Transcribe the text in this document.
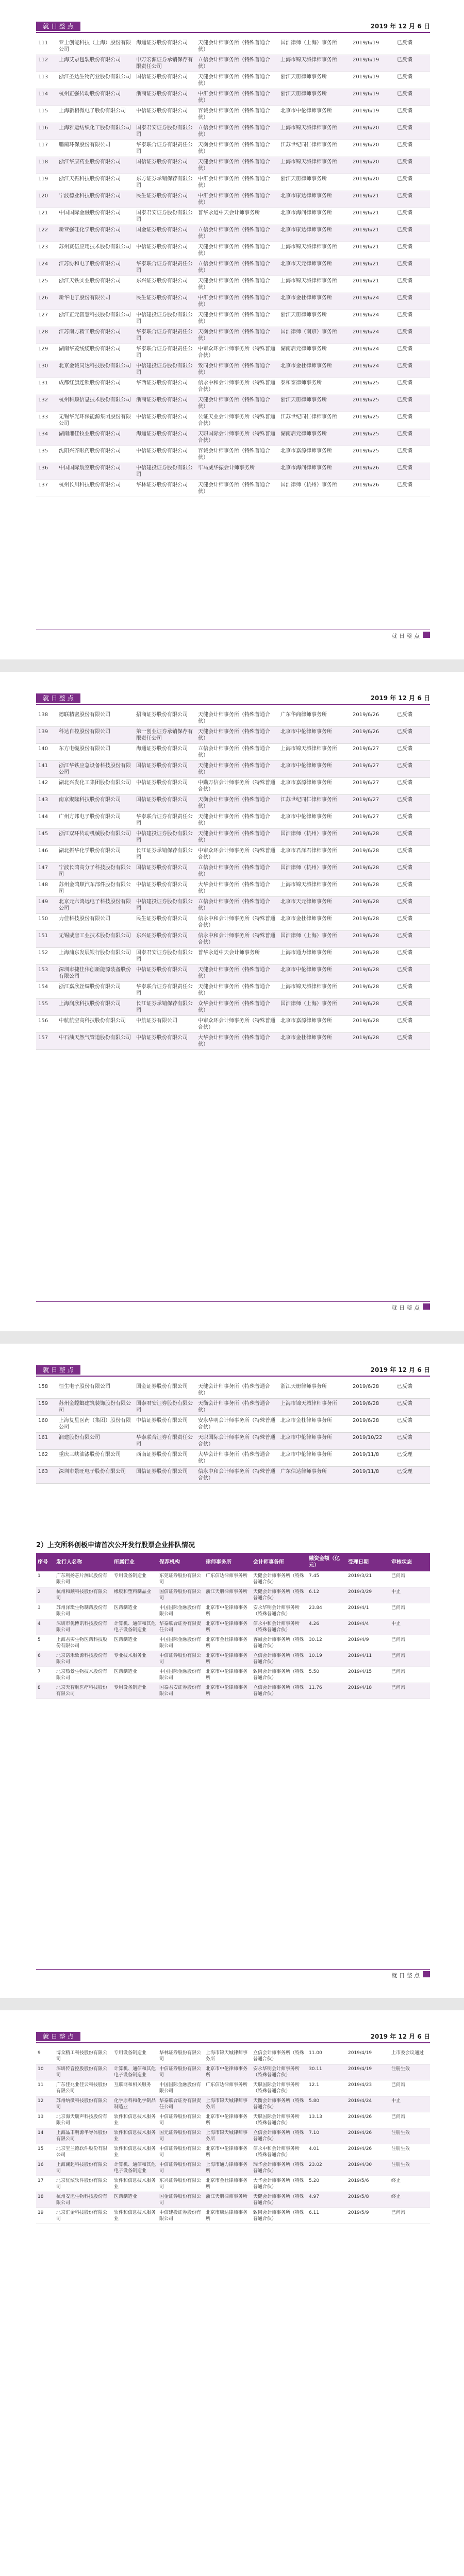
就 日 整 点	2019 年 12 月 6 日
111	亚士创能科技（上海）股份有限公司	海通证券股份有限公司	天健会计师事务所（特殊普通合伙）	国浩律师（上海）事务所	2019/6/19	已反馈
112	上海艾录包装股份有限公司	申万宏源证券承销保荐有限责任公司	立信会计师事务所（特殊普通合伙）	上海市锦天城律师事务所	2019/6/19	已反馈
113	浙江圣达生物药业股份有限公司	国信证券股份有限公司	天健会计师事务所（特殊普通合伙）	浙江天册律师事务所	2019/6/19	已反馈
114	杭州正强传动股份有限公司	浙商证券股份有限公司	中汇会计师事务所（特殊普通合伙）	浙江天册律师事务所	2019/6/19	已反馈
115	上海新相微电子股份有限公司	中信证券股份有限公司	容诚会计师事务所（特殊普通合伙）	北京市中伦律师事务所	2019/6/19	已反馈
116	上海雅运纺织化工股份有限公司	国泰君安证券股份有限公司	立信会计师事务所（特殊普通合伙）	上海市锦天城律师事务所	2019/6/20	已反馈
117	鹏鹞环保股份有限公司	华泰联合证券有限责任公司	天衡会计师事务所（特殊普通合伙）	江苏世纪同仁律师事务所	2019/6/20	已反馈
118	浙江华康药业股份有限公司	国信证券股份有限公司	天健会计师事务所（特殊普通合伙）	上海市锦天城律师事务所	2019/6/20	已反馈
119	浙江天振科技股份有限公司	东方证券承销保荐有限公司	中汇会计师事务所（特殊普通合伙）	浙江天册律师事务所	2019/6/20	已反馈
120	宁波德业科技股份有限公司	民生证券股份有限公司	中汇会计师事务所（特殊普通合伙）	北京市康达律师事务所	2019/6/21	已反馈
121	中国国际金融股份有限公司	国泰君安证券股份有限公司	普华永道中天会计师事务所	北京市海问律师事务所	2019/6/21	已反馈
122	新亚强硅化学股份有限公司	国金证券股份有限公司	立信会计师事务所（特殊普通合伙）	北京市康达律师事务所	2019/6/21	已反馈
123	苏州赛伍应用技术股份有限公司	中信证券股份有限公司	天健会计师事务所（特殊普通合伙）	上海市锦天城律师事务所	2019/6/21	已反馈
124	江苏协和电子股份有限公司	华泰联合证券有限责任公司	立信会计师事务所（特殊普通合伙）	北京市天元律师事务所	2019/6/21	已反馈
125	浙江天铁实业股份有限公司	东兴证券股份有限公司	天健会计师事务所（特殊普通合伙）	上海市锦天城律师事务所	2019/6/21	已反馈
126	新华电子股份有限公司	民生证券股份有限公司	中汇会计师事务所（特殊普通合伙）	北京市金杜律师事务所	2019/6/24	已反馈
127	浙江正元智慧科技股份有限公司	中信建投证券股份有限公司	天健会计师事务所（特殊普通合伙）	浙江天册律师事务所	2019/6/24	已反馈
128	江苏南方精工股份有限公司	华泰联合证券有限责任公司	天衡会计师事务所（特殊普通合伙）	国浩律师（南京）事务所	2019/6/24	已反馈
129	湖南华菱线缆股份有限公司	华泰联合证券有限责任公司	中审众环会计师事务所（特殊普通合伙）	湖南启元律师事务所	2019/6/24	已反馈
130	北京金诚同达科技股份有限公司	中信建投证券股份有限公司	致同会计师事务所（特殊普通合伙）	北京市金杜律师事务所	2019/6/24	已反馈
131	成都红旗连锁股份有限公司	华西证券股份有限公司	信永中和会计师事务所（特殊普通合伙）	泰和泰律师事务所	2019/6/25	已反馈
132	杭州科顺信息技术股份有限公司	浙商证券股份有限公司	天健会计师事务所（特殊普通合伙）	浙江天册律师事务所	2019/6/25	已反馈
133	无锡华光环保能源集团股份有限公司	中信证券股份有限公司	公证天业会计师事务所（特殊普通合伙）	江苏世纪同仁律师事务所	2019/6/25	已反馈
134	湖南湘佳牧业股份有限公司	海通证券股份有限公司	天职国际会计师事务所（特殊普通合伙）	湖南启元律师事务所	2019/6/25	已反馈
135	沈阳兴齐眼药股份有限公司	中信证券股份有限公司	容诚会计师事务所（特殊普通合伙）	北京市嘉源律师事务所	2019/6/25	已反馈
136	中国国际航空股份有限公司	中信建投证券股份有限公司	毕马威华振会计师事务所	北京市海问律师事务所	2019/6/26	已反馈
137	杭州长川科技股份有限公司	华林证券股份有限公司	天健会计师事务所（特殊普通合伙）	国浩律师（杭州）事务所	2019/6/26	已反馈
就 日 整 点
就 日 整 点	2019 年 12 月 6 日
138	德联精密股份有限公司	招商证券股份有限公司	天健会计师事务所（特殊普通合伙）	广东华商律师事务所	2019/6/26	已反馈
139	科达自控股份有限公司	第一创业证券承销保荐有限责任公司	天健会计师事务所（特殊普通合伙）	北京市中伦律师事务所	2019/6/26	已反馈
140	东方电缆股份有限公司	海通证券股份有限公司	立信会计师事务所（特殊普通合伙）	上海市锦天城律师事务所	2019/6/27	已反馈
141	浙江华铁应急设备科技股份有限公司	国信证券股份有限公司	天健会计师事务所（特殊普通合伙）	北京市中伦律师事务所	2019/6/27	已反馈
142	湖北兴发化工集团股份有限公司	中信证券股份有限公司	中勤万信会计师事务所（特殊普通合伙）	北京市嘉源律师事务所	2019/6/27	已反馈
143	南京聚隆科技股份有限公司	国信证券股份有限公司	天衡会计师事务所（特殊普通合伙）	江苏世纪同仁律师事务所	2019/6/27	已反馈
144	广州方邦电子股份有限公司	华泰联合证券有限责任公司	天健会计师事务所（特殊普通合伙）	北京市中伦律师事务所	2019/6/27	已反馈
145	浙江双环传动机械股份有限公司	中信建投证券股份有限公司	天健会计师事务所（特殊普通合伙）	国浩律师（杭州）事务所	2019/6/28	已反馈
146	湖北振华化学股份有限公司	长江证券承销保荐有限公司	中审众环会计师事务所（特殊普通合伙）	北京市君泽君律师事务所	2019/6/28	已反馈
147	宁波长鸿高分子科技股份有限公司	国信证券股份有限公司	立信会计师事务所（特殊普通合伙）	国浩律师（杭州）事务所	2019/6/28	已反馈
148	苏州金鸿顺汽车部件股份有限公司	中信证券股份有限公司	大华会计师事务所（特殊普通合伙）	上海市锦天城律师事务所	2019/6/28	已反馈
149	北京元六鸿远电子科技股份有限公司	中信建投证券股份有限公司	立信会计师事务所（特殊普通合伙）	北京市天元律师事务所	2019/6/28	已反馈
150	力佳科技股份有限公司	民生证券股份有限公司	信永中和会计师事务所（特殊普通合伙）	北京市金杜律师事务所	2019/6/28	已反馈
151	无锡威唐工业技术股份有限公司	东兴证券股份有限公司	信永中和会计师事务所（特殊普通合伙）	国浩律师（上海）事务所	2019/6/28	已反馈
152	上海浦东发展银行股份有限公司	国泰君安证券股份有限公司	普华永道中天会计师事务所	上海市通力律师事务所	2019/6/28	已反馈
153	深圳市捷佳伟创新能源装备股份有限公司	中信证券股份有限公司	天健会计师事务所（特殊普通合伙）	北京市中伦律师事务所	2019/6/28	已反馈
154	浙江嘉欣丝绸股份有限公司	华泰联合证券有限责任公司	天健会计师事务所（特殊普通合伙）	上海市锦天城律师事务所	2019/6/28	已反馈
155	上海润欣科技股份有限公司	长江证券承销保荐有限公司	众华会计师事务所（特殊普通合伙）	国浩律师（上海）事务所	2019/6/28	已反馈
156	中航航空高科技股份有限公司	中航证券有限公司	中审众环会计师事务所（特殊普通合伙）	北京市嘉源律师事务所	2019/6/28	已反馈
157	中石油天然气管道股份有限公司	中信证券股份有限公司	大华会计师事务所（特殊普通合伙）	北京市金杜律师事务所	2019/6/28	已反馈
就 日 整 点
就 日 整 点	2019 年 12 月 6 日
158	恒生电子股份有限公司	国金证券股份有限公司	天健会计师事务所（特殊普通合伙）	浙江天册律师事务所	2019/6/28	已反馈
159	苏州金螳螂建筑装饰股份有限公司	国泰君安证券股份有限公司	天衡会计师事务所（特殊普通合伙）	上海市锦天城律师事务所	2019/6/28	已反馈
160	上海复星医药（集团）股份有限公司	中信证券股份有限公司	安永华明会计师事务所（特殊普通合伙）	北京市金杜律师事务所	2019/6/28	已反馈
161	润建股份有限公司	华泰联合证券有限责任公司	天职国际会计师事务所（特殊普通合伙）	北京市中伦律师事务所	2019/10/22	已反馈
162	重庆三峡油漆股份有限公司	西南证券股份有限公司	大华会计师事务所（特殊普通合伙）	北京市中伦律师事务所	2019/11/8	已受理
163	深圳市景旺电子股份有限公司	国信证券股份有限公司	信永中和会计师事务所（特殊普通合伙）	广东信达律师事务所	2019/11/8	已受理
2）上交所科创板申请首次公开发行股票企业排队情况
序号	发行人名称	所属行业	保荐机构	律师事务所	会计师事务所	融资金额（亿元）	受理日期	审核状态
1	广东利扬芯片测试股份有限公司	专用设备制造业	东莞证券股份有限公司	广东信达律师事务所	天健会计师事务所（特殊普通合伙）	7.45	2019/3/21	已问询
2	杭州和顺科技股份有限公司	橡胶和塑料制品业	国信证券股份有限公司	浙江天册律师事务所	天健会计师事务所（特殊普通合伙）	6.12	2019/3/29	中止
3	苏州泽璟生物制药股份有限公司	医药制造业	中国国际金融股份有限公司	北京市中伦律师事务所	安永华明会计师事务所（特殊普通合伙）	23.84	2019/4/1	已问询
4	深圳市优博讯科技股份有限公司	计算机、通信和其他电子设备制造业	华泰联合证券有限责任公司	北京市中伦律师事务所	信永中和会计师事务所（特殊普通合伙）	4.26	2019/4/4	中止
5	上海君实生物医药科技股份有限公司	医药制造业	中国国际金融股份有限公司	北京市金杜律师事务所	容诚会计师事务所（特殊普通合伙）	30.12	2019/4/9	已问询
6	北京诺禾致源科技股份有限公司	专业技术服务业	中信证券股份有限公司	北京市中伦律师事务所	立信会计师事务所（特殊普通合伙）	10.19	2019/4/11	已问询
7	北京热景生物技术股份有限公司	医药制造业	中国国际金融股份有限公司	北京市中伦律师事务所	致同会计师事务所（特殊普通合伙）	5.50	2019/4/15	已问询
8	北京天智航医疗科技股份有限公司	专用设备制造业	国泰君安证券股份有限公司	北京市中伦律师事务所	立信会计师事务所（特殊普通合伙）	11.76	2019/4/18	已问询
就 日 整 点
就 日 整 点	2019 年 12 月 6 日
9	博众精工科技股份有限公司	专用设备制造业	华林证券股份有限公司	上海市锦天城律师事务所	立信会计师事务所（特殊普通合伙）	11.00	2019/4/19	上市委会议通过
10	深圳传音控股股份有限公司	计算机、通信和其他电子设备制造业	中信证券股份有限公司	北京市中伦律师事务所	安永华明会计师事务所（特殊普通合伙）	30.11	2019/4/19	注册生效
11	广东佳兆业佳云科技股份有限公司	互联网和相关服务	中国国际金融股份有限公司	广东信达律师事务所	天职国际会计师事务所（特殊普通合伙）	12.1	2019/4/23	已问询
12	苏州纳微科技股份有限公司	化学原料和化学制品制造业	华泰联合证券有限责任公司	上海市锦天城律师事务所	天衡会计师事务所（特殊普通合伙）	5.80	2019/4/24	中止
13	北京海天瑞声科技股份有限公司	软件和信息技术服务业	中信证券股份有限公司	北京市中伦律师事务所	天职国际会计师事务所（特殊普通合伙）	13.13	2019/4/26	已问询
14	上海晶丰明源半导体股份有限公司	软件和信息技术服务业	国元证券股份有限公司	上海市锦天城律师事务所	立信会计师事务所（特殊普通合伙）	7.10	2019/4/26	注册生效
15	北京宝兰德软件股份有限公司	软件和信息技术服务业	中信证券股份有限公司	北京市中伦律师事务所	信永中和会计师事务所（特殊普通合伙）	4.01	2019/4/26	注册生效
16	上海澜起科技股份有限公司	计算机、通信和其他电子设备制造业	中信证券股份有限公司	上海市通力律师事务所	瑞华会计师事务所（特殊普通合伙）	23.02	2019/4/30	注册生效
17	北京优炫软件股份有限公司	软件和信息技术服务业	东兴证券股份有限公司	北京市金杜律师事务所	大华会计师事务所（特殊普通合伙）	5.20	2019/5/6	终止
18	杭州安旭生物科技股份有限公司	医药制造业	国金证券股份有限公司	浙江天册律师事务所	天健会计师事务所（特殊普通合伙）	4.97	2019/5/8	终止
19	北京汇金科技股份有限公司	软件和信息技术服务业	中信建投证券股份有限公司	北京市康达律师事务所	致同会计师事务所（特殊普通合伙）	6.11	2019/5/9	已问询
